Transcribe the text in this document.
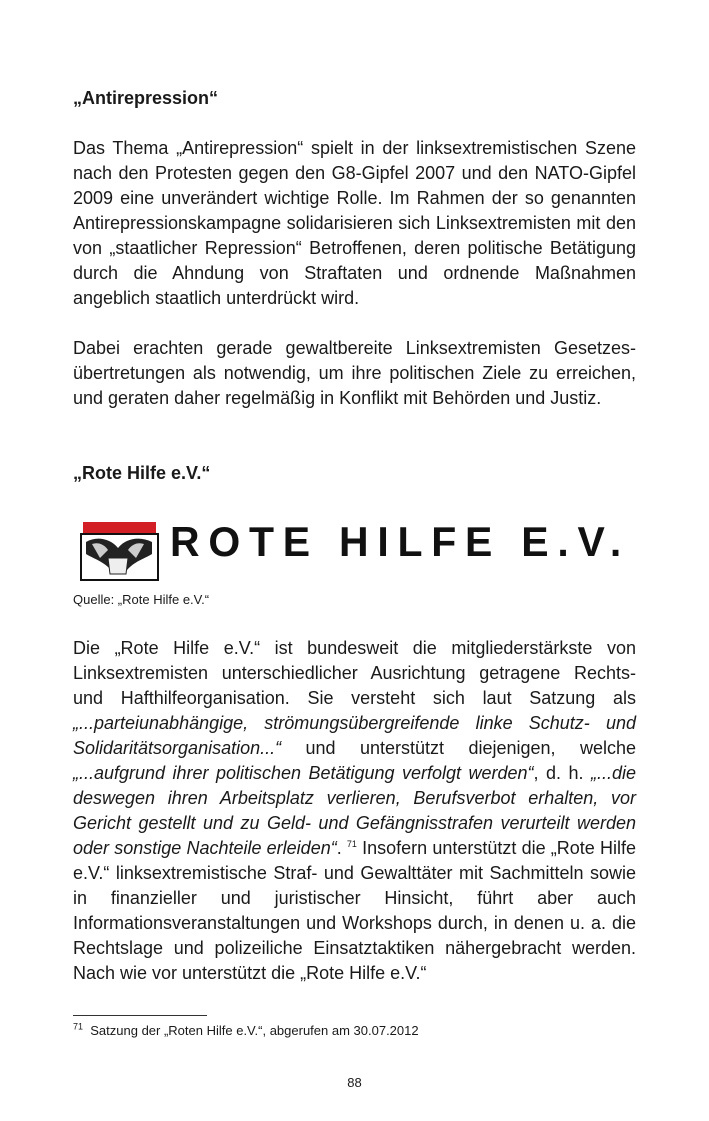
„Antirepression“

Das Thema „Antirepression“ spielt in der linksextremistischen Szene nach den Protesten gegen den G8-Gipfel 2007 und den NATO-Gipfel 2009 eine unverändert wichtige Rolle. Im Rahmen der so genannten Antirepressionskampagne solidarisieren sich Linksextremisten mit den von „staatlicher Repression“ Betroffenen, deren politische Betätigung durch die Ahndung von Straftaten und ordnende Maßnahmen angeblich staatlich unterdrückt wird.

Dabei erachten gerade gewaltbereite Linksextremisten Gesetzesübertretungen als notwendig, um ihre politischen Ziele zu erreichen, und geraten daher regelmäßig in Konflikt mit Behörden und Justiz.

„Rote Hilfe e.V.“
ROTE HILFE E.V.
Quelle: „Rote Hilfe e.V.“

Die „Rote Hilfe e.V.“ ist bundesweit die mitgliederstärkste von Linksextremisten unterschiedlicher Ausrichtung getragene Rechts- und Hafthilfeorganisation. Sie versteht sich laut Satzung als „...parteiunabhängige, strömungsübergreifende linke Schutz- und Solidaritätsorganisation...“ und unterstützt diejenigen, welche „...aufgrund ihrer politischen Betätigung verfolgt werden“, d. h. „...die deswegen ihren Arbeitsplatz verlieren, Berufsverbot erhalten, vor Gericht gestellt und zu Geld- und Gefängnisstrafen verurteilt werden oder sonstige Nachteile erleiden“. $^{71}$ Insofern unterstützt die „Rote Hilfe e.V.“ linksextremistische Straf- und Gewalttäter mit Sachmitteln sowie in finanzieller und juristischer Hinsicht, führt aber auch Informationsveranstaltungen und Workshops durch, in denen u. a. die Rechtslage und polizeiliche Einsatztaktiken nähergebracht werden. Nach wie vor unterstützt die „Rote Hilfe e.V.“

$^{71}$ Satzung der „Roten Hilfe e.V.“, abgerufen am 30.07.2012
88
